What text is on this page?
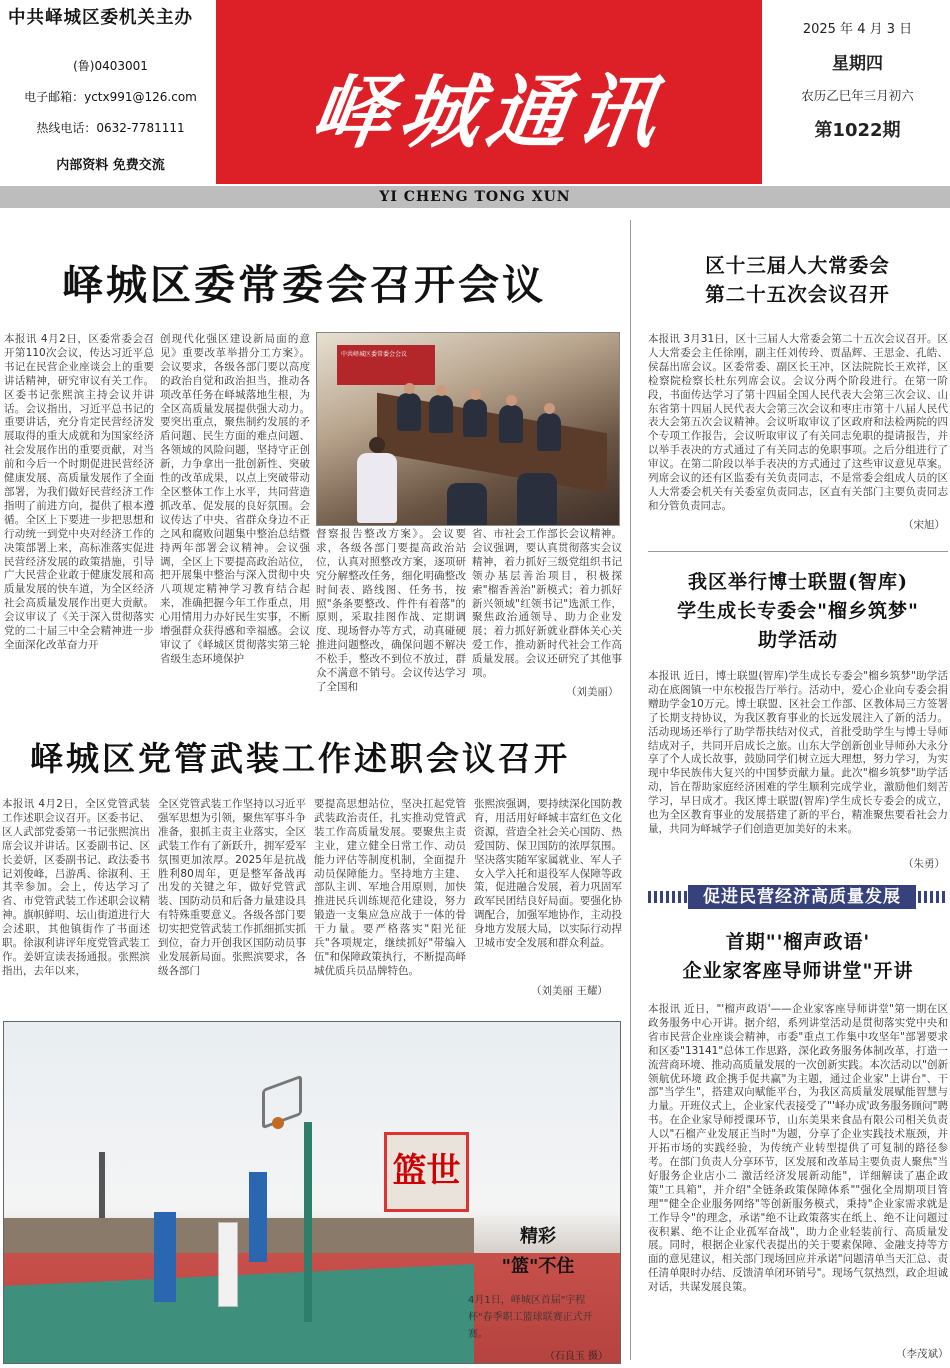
中共峄城区委机关主办
(鲁)0403001
电子邮箱：yctx991@126.com
热线电话：0632-7781111
内部资料 免费交流
峄城通讯
2025 年 4 月 3 日
星期四
农历乙巳年三月初六
第1022期
YI CHENG TONG XUN
峄城区委常委会召开会议
本报讯 4月2日，区委常委会召开第110次会议，传达习近平总书记在民营企业座谈会上的重要讲话精神，研究审议有关工作。区委书记张熙滨主持会议并讲话。会议指出，习近平总书记的重要讲话，充分肯定民营经济发展取得的重大成就和为国家经济社会发展作出的重要贡献，对当前和今后一个时期促进民营经济健康发展、高质量发展作了全面部署，为我们做好民营经济工作指明了前进方向，提供了根本遵循。全区上下要进一步把思想和行动统一到党中央对经济工作的决策部署上来，高标准落实促进民营经济发展的政策措施，引导广大民营企业敢于健康发展和高质量发展的快车道，为全区经济社会高质量发展作出更大贡献。会议审议了《关于深入贯彻落实党的二十届三中全会精神进一步全面深化改革奋力开
创现代化强区建设新局面的意见》重要改革举措分工方案》。会议要求，各级各部门要以高度的政治自觉和政治担当，推动各项改革任务在峄城落地生根，为全区高质量发展提供强大动力。要突出重点，聚焦制约发展的矛盾问题、民生方面的难点问题、各领域的风险问题，坚持守正创新，力争拿出一批创新性、突破性的改革成果，以点上突破带动全区整体工作上水平，共同营造抓改革、促发展的良好氛围。会议传达了中央、省群众身边不正之风和腐败问题集中整治总结暨持两年部署会议精神。会议强调，全区上下要提高政治站位，把开展集中整治与深入贯彻中央八项规定精神学习教育结合起来，准确把握今年工作重点，用心用情用力办好民生实事，不断增强群众获得感和幸福感。会议审议了《峄城区贯彻落实第三轮省级生态环境保护
中共峄城区委常委会会议
督察报告整改方案》。会议要求，各级各部门要提高政治站位，认真对照整改方案，逐项研究分解整改任务，细化明确整改时间表、路线图、任务书，按照"条条要整改、件件有着落"的原则，采取挂图作战、定期调度、现场督办等方式，动真碰硬推进问题整改，确保问题不解决不松手，整改不到位不放过，群众不满意不销号。会议传达学习了全国和
省、市社会工作部长会议精神。会议强调，要认真贯彻落实会议精神，着力抓好三级党组织书记领办基层善治项目，积极探索"榴香善治"新模式；着力抓好新兴领域"红领书记"选派工作，聚焦政治通领导、助力企业发展；着力抓好新就业群体关心关爱工作，推动新时代社会工作高质量发展。会议还研究了其他事项。
（刘美丽）
峄城区党管武装工作述职会议召开
本报讯 4月2日，全区党管武装工作述职会议召开。区委书记、区人武部党委第一书记张熙滨出席会议并讲话。区委副书记、区长姜妍，区委副书记、政法委书记刘俊峰，吕游禹、徐淑利、王其幸参加。会上，传达学习了省、市党管武装工作述职会议精神。旗帜鲜明、坛山街道进行大会述职，其他镇街作了书面述职。徐淑利讲评年度党管武装工作。姜妍宣读表扬通报。张熙滨指出，去年以来，
全区党管武装工作坚持以习近平强军思想为引领，聚焦军事斗争准备，狠抓主责主业落实，全区武装工作有了新跃升，拥军爱军氛围更加浓厚。2025年是抗战胜利80周年，更是整军备战再出发的关键之年，做好党管武装、国防动员和后备力量建设具有特殊重要意义。各级各部门要切实把党管武装工作抓细抓实抓到位，奋力开创我区国防动员事业发展新局面。张熙滨要求，各级各部门
要提高思想站位，坚决扛起党管武装政治责任，扎实推动党管武装工作高质量发展。要聚焦主责主业，建立健全日常工作、动员能力评估等制度机制，全面提升动员保障能力。坚持地方主建、部队主训、军地合用原则，加快推进民兵训练规范化建设，努力锻造一支集应急应战于一体的骨干力量。要严格落实"阳光征兵"各项规定，继续抓好"带编入伍"和保障政策执行，不断提高峄城优质兵员品牌特色。
张熙滨强调，要持续深化国防教育，用活用好峄城丰富红色文化资源，营造全社会关心国防、热爱国防、保卫国防的浓厚氛围。坚决落实随军家属就业、军人子女入学入托和退役军人保障等政策，促进融合发展，着力巩固军政军民团结良好局面。要强化协调配合，加强军地协作，主动投身地方发展大局，以实际行动捍卫城市安全发展和群众利益。
（刘美丽 王耀）
篮世
精彩
"篮"不住
4月1日，峄城区首届"宇程杯"春季职工篮球联赛正式开赛。
（石良玉 摄）
区十三届人大常委会
第二十五次会议召开
本报讯 3月31日，区十三届人大常委会第二十五次会议召开。区人大常委会主任徐刚，副主任刘传玲、贾晶辉、王思金、孔皓、侯磊出席会议。区委常委、副区长王冲，区法院院长王欢祥，区检察院检察长杜东列席会议。会议分两个阶段进行。在第一阶段，书面传达学习了第十四届全国人民代表大会第三次会议、山东省第十四届人民代表大会第三次会议和枣庄市第十八届人民代表大会第五次会议精神。会议听取审议了区政府和法检两院的四个专项工作报告，会议听取审议了有关同志免职的提请报告，并以举手表决的方式通过了有关同志的免职事项。之后分组进行了审议。在第二阶段以举手表决的方式通过了这些审议意见草案。列席会议的还有区监委有关负责同志，不是常委会组成人员的区人大常委会机关有关委室负责同志，区直有关部门主要负责同志和分管负责同志。
（宋旭）
我区举行博士联盟(智库)
学生成长专委会"榴乡筑梦"
助学活动
本报讯 近日，博士联盟(智库)学生成长专委会"榴乡筑梦"助学活动在底阁镇一中东校报告厅举行。活动中，爱心企业向专委会捐赠助学金10万元。博士联盟、区社会工作部、区教体局三方签署了长期支持协议，为我区教育事业的长远发展注入了新的活力。活动现场还举行了助学帮扶结对仪式，首批受助学生与博士导师结成对子，共同开启成长之旅。山东大学创新创业导师孙大永分享了个人成长故事，鼓励同学们树立远大理想，努力学习，为实现中华民族伟大复兴的中国梦贡献力量。此次"榴乡筑梦"助学活动，旨在帮助家庭经济困难的学生顺利完成学业，激励他们刻苦学习，早日成才。我区博士联盟(智库)学生成长专委会的成立，也为全区教育事业的发展搭建了新的平台，精准聚焦要看社会力量，共同为峄城学子们创造更加美好的未来。
（朱勇）
促进民营经济高质量发展
首期"'榴声政语'
企业家客座导师讲堂"开讲
本报讯 近日，"'榴声政语'——企业家客座导师讲堂"第一期在区政务服务中心开讲。据介绍，系列讲堂活动是贯彻落实党中央和省市民营企业座谈会精神，市委"重点工作集中攻坚年"部署要求和区委"13141"总体工作思路，深化政务服务体制改革，打造一流营商环境、推动高质量发展的一次创新实践。本次活动以"创新领航优环境 政企携手促共赢"为主题，通过企业家"上讲台"、干部"当学生"，搭建双向赋能平台，为我区高质量发展赋能智慧与力量。开班仪式上，企业家代表接受了"'峄办成'政务服务顾问"聘书。在企业家导师授课环节，山东美果来食品有限公司相关负责人以"石榴产业发展正当时"为题，分享了企业实践技术瓶颈，并开拓市场的实践经验，为传统产业转型提供了可复制的路径参考。在部门负责人分享环节，区发展和改革局主要负责人聚焦"当好服务企业店小二 激活经济发展新动能"，详细解读了惠企政策"工具箱"，并介绍"全链条政策保障体系""强化全周期项目管理""健全企业服务网络"等创新服务模式，秉持"企业家需求就是工作导令"的理念，承诺"绝不让政策落实在纸上、绝不让问题过夜积累、绝不让企业孤军奋战"，助力企业轻装前行、高质量发展。同时，根据企业家代表提出的关于要素保障、金融支持等方面的意见建议，相关部门现场回应并承诺"问题清单当天汇总、责任清单限时办结、反馈清单闭环销号"。现场气氛热烈，政企坦诚对话，共谋发展良策。
（李茂斌）
